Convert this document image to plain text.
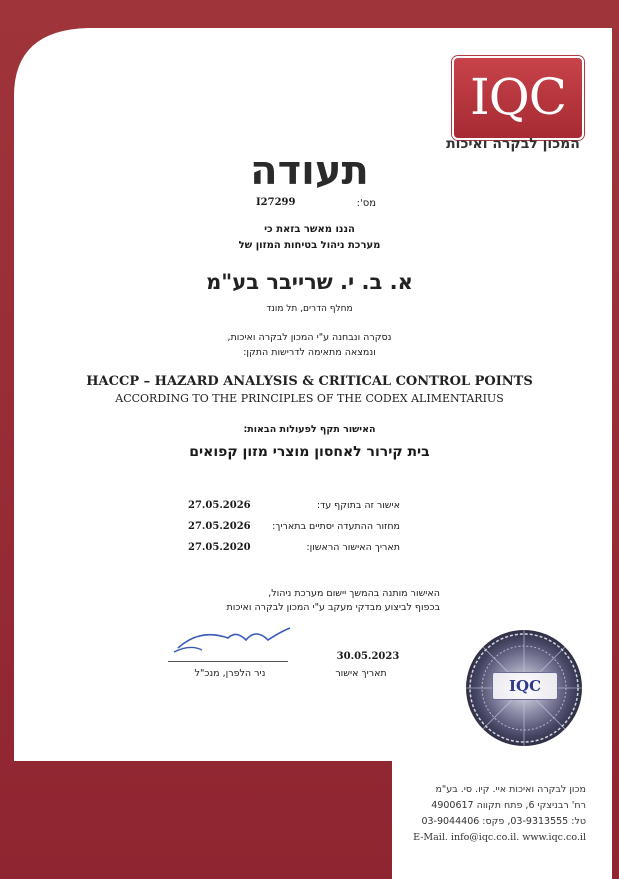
IQC
המכון לבקרה ואיכות
תעודה
מס':
I27299
הננו מאשר בזאת כי
מערכת ניהול בטיחות המזון של
א. ב. י. שרייבר בע"מ
מחלף הדרים, תל מונד
נסקרה ונבחנה ע"י המכון לבקרה ואיכות,
ונמצאה מתאימה לדרישות התקן:
HACCP – HAZARD ANALYSIS & CRITICAL CONTROL POINTS
ACCORDING TO THE PRINCIPLES OF THE CODEX ALIMENTARIUS
האישור תקף לפעולות הבאות:
בית קירור לאחסון מוצרי מזון קפואים
אישור זה בתוקף עד:
27.05.2026
מחזור ההתעדה יסתיים בתאריך:
27.05.2026
תאריך האישור הראשון:
27.05.2020
האישור מותנה בהמשך יישום מערכת ניהול,
בכפוף לביצוע מבדקי מעקב ע"י המכון לבקרה ואיכות
ניר הלפרן, מנכ"ל
30.05.2023
תאריך אישור
IQC
מכון לבקרה ואיכות איי. קיו. סי. בע"מ
רח' רבניצקי 6, פתח תקווה 4900617
טל: 03-9313555, פקס: 03-9044406
E-Mail. info@iqc.co.il. www.iqc.co.il
